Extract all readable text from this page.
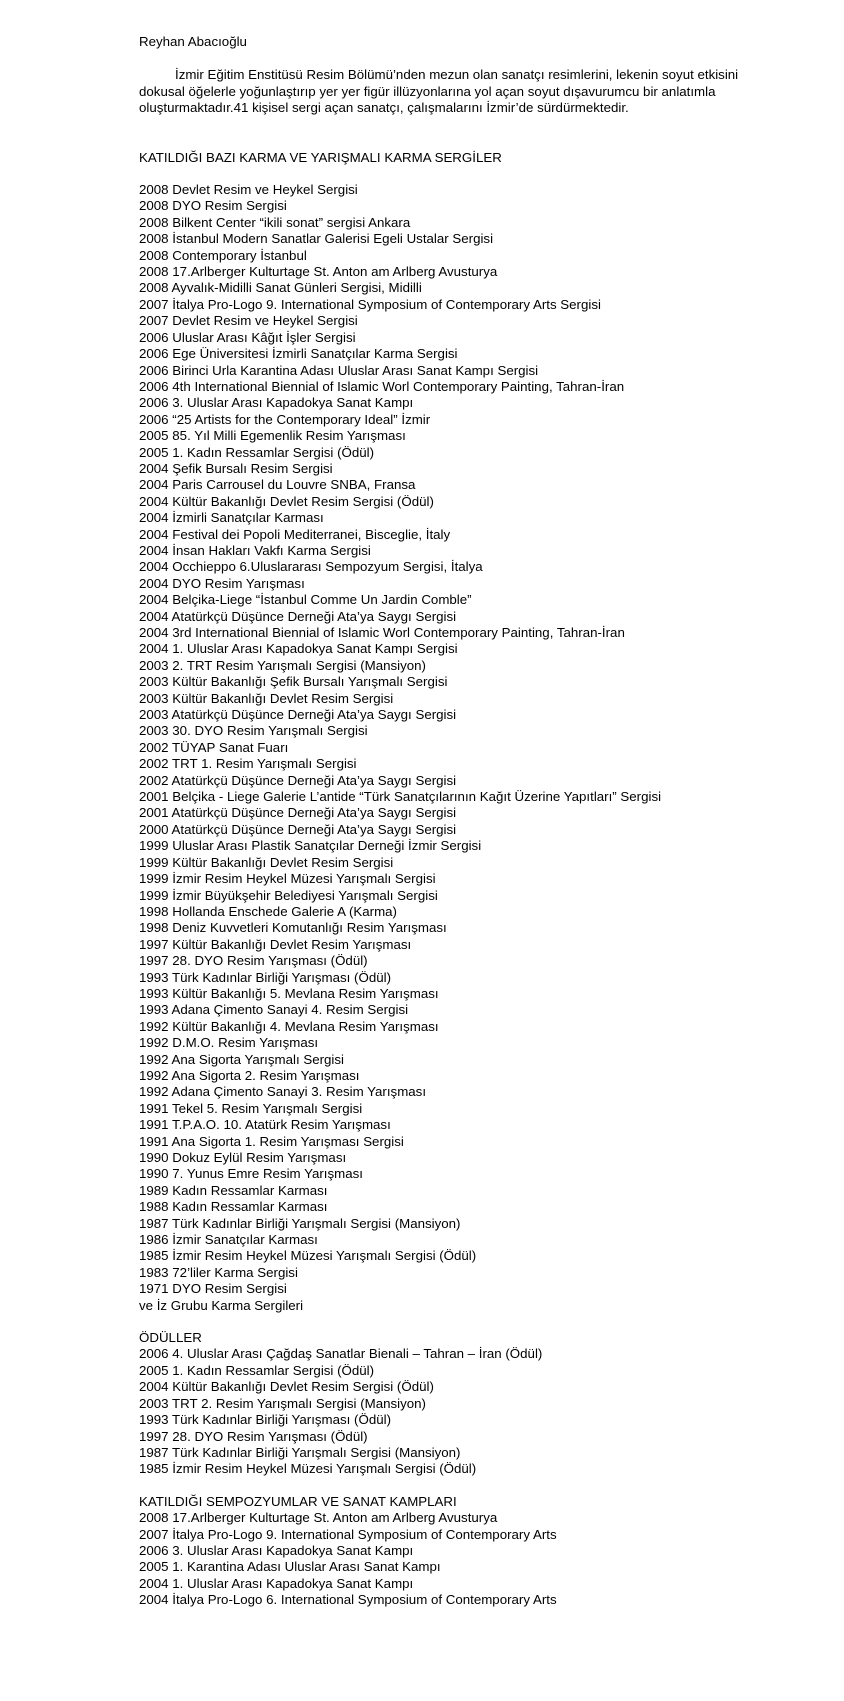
Reyhan Abacıoğlu
İzmir Eğitim Enstitüsü Resim Bölümü’nden mezun olan sanatçı resimlerini, lekenin soyut etkisini dokusal öğelerle yoğunlaştırıp yer yer figür illüzyonlarına yol açan soyut dışavurumcu bir anlatımla oluşturmaktadır.41 kişisel sergi açan sanatçı, çalışmalarını İzmir’de sürdürmektedir.
KATILDIĞI BAZI KARMA VE YARIŞMALI KARMA SERGİLER
2008 Devlet Resim ve Heykel Sergisi
2008 DYO Resim Sergisi
2008 Bilkent Center “ikili sonat” sergisi Ankara
2008 İstanbul Modern Sanatlar Galerisi Egeli Ustalar Sergisi
2008 Contemporary İstanbul
2008 17.Arlberger Kulturtage St. Anton am Arlberg Avusturya
2008 Ayvalık-Midilli Sanat Günleri Sergisi, Midilli
2007 İtalya Pro-Logo 9. International Symposium of Contemporary Arts Sergisi
2007 Devlet Resim ve Heykel Sergisi
2006 Uluslar Arası Kâğıt İşler Sergisi
2006 Ege Üniversitesi İzmirli Sanatçılar Karma Sergisi
2006 Birinci Urla Karantina Adası Uluslar Arası Sanat Kampı Sergisi
2006 4th International Biennial of Islamic Worl Contemporary Painting, Tahran-İran
2006 3. Uluslar Arası Kapadokya Sanat Kampı
2006 “25 Artists for the Contemporary Ideal” İzmir
2005 85. Yıl Milli Egemenlik Resim Yarışması
2005 1. Kadın Ressamlar Sergisi (Ödül)
2004 Şefik Bursalı Resim Sergisi
2004 Paris Carrousel du Louvre SNBA, Fransa
2004 Kültür Bakanlığı Devlet Resim Sergisi (Ödül)
2004 İzmirli Sanatçılar Karması
2004 Festival dei Popoli Mediterranei, Bisceglie, İtaly
2004 İnsan Hakları Vakfı Karma Sergisi
2004 Occhieppo 6.Uluslararası Sempozyum Sergisi, İtalya
2004 DYO Resim Yarışması
2004 Belçika-Liege “İstanbul Comme Un Jardin Comble”
2004 Atatürkçü Düşünce Derneği Ata’ya Saygı Sergisi
2004 3rd International Biennial of Islamic Worl Contemporary Painting, Tahran-İran
2004 1. Uluslar Arası Kapadokya Sanat Kampı Sergisi
2003 2. TRT Resim Yarışmalı Sergisi (Mansiyon)
2003 Kültür Bakanlığı Şefik Bursalı Yarışmalı Sergisi
2003 Kültür Bakanlığı Devlet Resim Sergisi
2003 Atatürkçü Düşünce Derneği Ata’ya Saygı Sergisi
2003 30. DYO Resim Yarışmalı Sergisi
2002 TÜYAP Sanat Fuarı
2002 TRT 1. Resim Yarışmalı Sergisi
2002 Atatürkçü Düşünce Derneği Ata’ya Saygı Sergisi
2001 Belçika - Liege Galerie L’antide “Türk Sanatçılarının Kağıt Üzerine Yapıtları” Sergisi
2001 Atatürkçü Düşünce Derneği Ata’ya Saygı Sergisi
2000 Atatürkçü Düşünce Derneği Ata’ya Saygı Sergisi
1999 Uluslar Arası Plastik Sanatçılar Derneği İzmir Sergisi
1999 Kültür Bakanlığı Devlet Resim Sergisi
1999 İzmir Resim Heykel Müzesi Yarışmalı Sergisi
1999 İzmir Büyükşehir Belediyesi Yarışmalı Sergisi
1998 Hollanda Enschede Galerie A (Karma)
1998 Deniz Kuvvetleri Komutanlığı Resim Yarışması
1997 Kültür Bakanlığı Devlet Resim Yarışması
1997 28. DYO Resim Yarışması (Ödül)
1993 Türk Kadınlar Birliği Yarışması (Ödül)
1993 Kültür Bakanlığı 5. Mevlana Resim Yarışması
1993 Adana Çimento Sanayi 4. Resim Sergisi
1992 Kültür Bakanlığı 4. Mevlana Resim Yarışması
1992 D.M.O. Resim Yarışması
1992 Ana Sigorta Yarışmalı Sergisi
1992 Ana Sigorta 2. Resim Yarışması
1992 Adana Çimento Sanayi 3. Resim Yarışması
1991 Tekel 5. Resim Yarışmalı Sergisi
1991 T.P.A.O. 10. Atatürk Resim Yarışması
1991 Ana Sigorta 1. Resim Yarışması Sergisi
1990 Dokuz Eylül Resim Yarışması
1990 7. Yunus Emre Resim Yarışması
1989 Kadın Ressamlar Karması
1988 Kadın Ressamlar Karması
1987 Türk Kadınlar Birliği Yarışmalı Sergisi (Mansiyon)
1986 İzmir Sanatçılar Karması
1985 İzmir Resim Heykel Müzesi Yarışmalı Sergisi (Ödül)
1983 72’liler Karma Sergisi
1971 DYO Resim Sergisi
ve İz Grubu Karma Sergileri
ÖDÜLLER
2006 4. Uluslar Arası Çağdaş Sanatlar Bienali – Tahran – İran (Ödül)
2005 1. Kadın Ressamlar Sergisi (Ödül)
2004 Kültür Bakanlığı Devlet Resim Sergisi (Ödül)
2003 TRT 2. Resim Yarışmalı Sergisi (Mansiyon)
1993 Türk Kadınlar Birliği Yarışması (Ödül)
1997 28. DYO Resim Yarışması (Ödül)
1987 Türk Kadınlar Birliği Yarışmalı Sergisi (Mansiyon)
1985 İzmir Resim Heykel Müzesi Yarışmalı Sergisi (Ödül)
KATILDIĞI SEMPOZYUMLAR VE SANAT KAMPLARI
2008 17.Arlberger Kulturtage St. Anton am Arlberg Avusturya
2007 İtalya Pro-Logo 9. International Symposium of Contemporary Arts
2006 3. Uluslar Arası Kapadokya Sanat Kampı
2005 1. Karantina Adası Uluslar Arası Sanat Kampı
2004 1. Uluslar Arası Kapadokya Sanat Kampı
2004 İtalya Pro-Logo 6. International Symposium of Contemporary Arts
